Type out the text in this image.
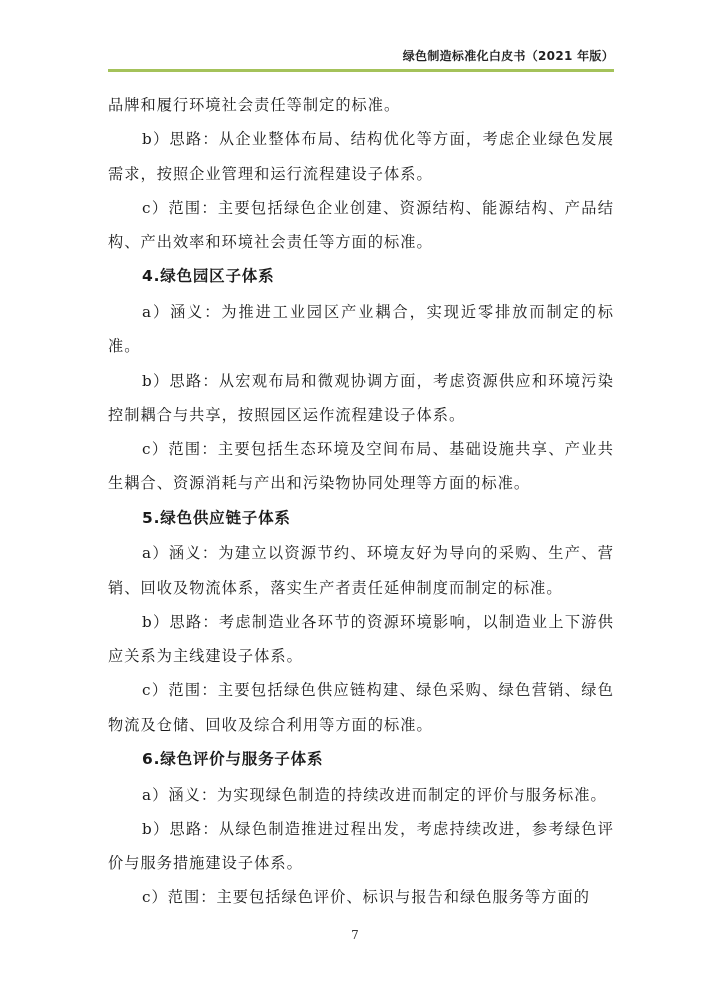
绿色制造标准化白皮书（2021 年版）

品牌和履行环境社会责任等制定的标准。

b）思路：从企业整体布局、结构优化等方面，考虑企业绿色发展需求，按照企业管理和运行流程建设子体系。

c）范围：主要包括绿色企业创建、资源结构、能源结构、产品结构、产出效率和环境社会责任等方面的标准。

4.绿色园区子体系

a）涵义：为推进工业园区产业耦合，实现近零排放而制定的标准。

b）思路：从宏观布局和微观协调方面，考虑资源供应和环境污染控制耦合与共享，按照园区运作流程建设子体系。

c）范围：主要包括生态环境及空间布局、基础设施共享、产业共生耦合、资源消耗与产出和污染物协同处理等方面的标准。

5.绿色供应链子体系

a）涵义：为建立以资源节约、环境友好为导向的采购、生产、营销、回收及物流体系，落实生产者责任延伸制度而制定的标准。

b）思路：考虑制造业各环节的资源环境影响，以制造业上下游供应关系为主线建设子体系。

c）范围：主要包括绿色供应链构建、绿色采购、绿色营销、绿色物流及仓储、回收及综合利用等方面的标准。

6.绿色评价与服务子体系

a）涵义：为实现绿色制造的持续改进而制定的评价与服务标准。

b）思路：从绿色制造推进过程出发，考虑持续改进，参考绿色评价与服务措施建设子体系。

c）范围：主要包括绿色评价、标识与报告和绿色服务等方面的

7
